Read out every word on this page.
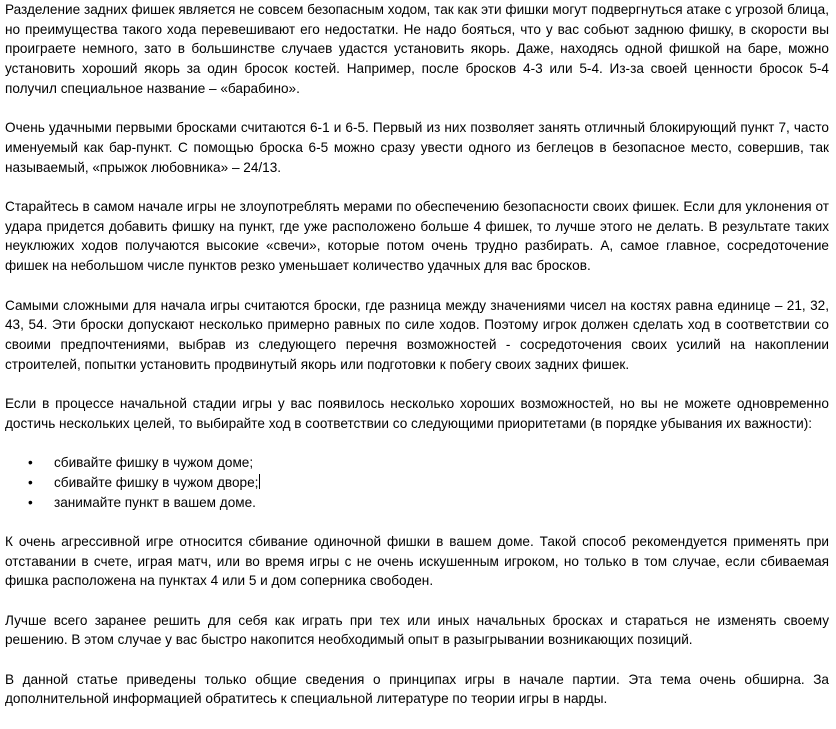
Разделение задних фишек является не совсем безопасным ходом, так как эти фишки могут подвергнуться атаке с угрозой блица, но преимущества такого хода перевешивают его недостатки. Не надо бояться, что у вас собьют заднюю фишку, в скорости вы проиграете немного, зато в большинстве случаев удастся установить якорь. Даже, находясь одной фишкой на баре, можно установить хороший якорь за один бросок костей. Например, после бросков 4-3 или 5-4. Из-за своей ценности бросок 5-4 получил специальное название – «барабино».

Очень удачными первыми бросками считаются 6-1 и 6-5. Первый из них позволяет занять отличный блокирующий пункт 7, часто именуемый как бар-пункт. С помощью броска 6-5 можно сразу увести одного из беглецов в безопасное место, совершив, так называемый, «прыжок любовника» – 24/13.

Старайтесь в самом начале игры не злоупотреблять мерами по обеспечению безопасности своих фишек. Если для уклонения от удара придется добавить фишку на пункт, где уже расположено больше 4 фишек, то лучше этого не делать. В результате таких неуклюжих ходов получаются высокие «свечи», которые потом очень трудно разбирать. А, самое главное, сосредоточение фишек на небольшом числе пунктов резко уменьшает количество удачных для вас бросков.

Самыми сложными для начала игры считаются броски, где разница между значениями чисел на костях равна единице – 21, 32, 43, 54. Эти броски допускают несколько примерно равных по силе ходов. Поэтому игрок должен сделать ход в соответствии со своими предпочтениями, выбрав из следующего перечня возможностей - сосредоточения своих усилий на накоплении строителей, попытки установить продвинутый якорь или подготовки к побегу своих задних фишек.

Если в процессе начальной стадии игры у вас появилось несколько хороших возможностей, но вы не можете одновременно достичь нескольких целей, то выбирайте ход в соответствии со следующими приоритетами (в порядке убывания их важности):

• сбивайте фишку в чужом доме;
• сбивайте фишку в чужом дворе;
• занимайте пункт в вашем доме.

К очень агрессивной игре относится сбивание одиночной фишки в вашем доме. Такой способ рекомендуется применять при отставании в счете, играя матч, или во время игры с не очень искушенным игроком, но только в том случае, если сбиваемая фишка расположена на пунктах 4 или 5 и дом соперника свободен.

Лучше всего заранее решить для себя как играть при тех или иных начальных бросках и стараться не изменять своему решению. В этом случае у вас быстро накопится необходимый опыт в разыгрывании возникающих позиций.

В данной статье приведены только общие сведения о принципах игры в начале партии. Эта тема очень обширна. За дополнительной информацией обратитесь к специальной литературе по теории игры в нарды.
